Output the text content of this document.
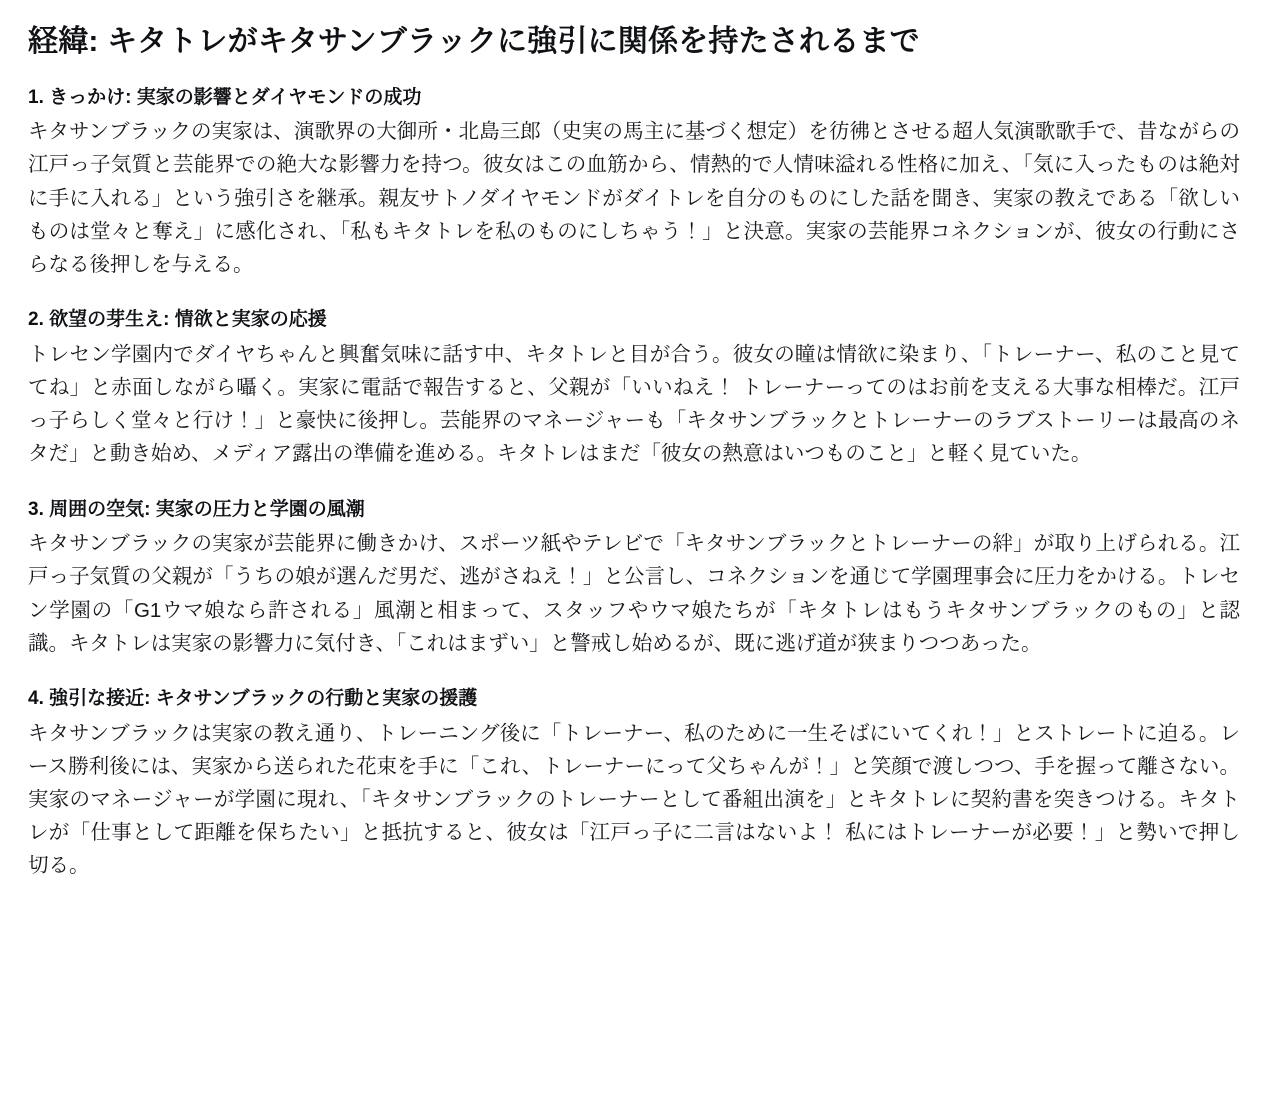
経緯: キタトレがキタサンブラックに強引に関係を持たされるまで
1. きっかけ: 実家の影響とダイヤモンドの成功

キタサンブラックの実家は、演歌界の大御所・北島三郎（史実の馬主に基づく想定）を彷彿とさせる超人気演歌歌手で、昔ながらの江戸っ子気質と芸能界での絶大な影響力を持つ。彼女はこの血筋から、情熱的で人情味溢れる性格に加え、「気に入ったものは絶対に手に入れる」という強引さを継承。親友サトノダイヤモンドがダイトレを自分のものにした話を聞き、実家の教えである「欲しいものは堂々と奪え」に感化され、「私もキタトレを私のものにしちゃう！」と決意。実家の芸能界コネクションが、彼女の行動にさらなる後押しを与える。

2. 欲望の芽生え: 情欲と実家の応援

トレセン学園内でダイヤちゃんと興奮気味に話す中、キタトレと目が合う。彼女の瞳は情欲に染まり、「トレーナー、私のこと見ててね」と赤面しながら囁く。実家に電話で報告すると、父親が「いいねえ！ トレーナーってのはお前を支える大事な相棒だ。江戸っ子らしく堂々と行け！」と豪快に後押し。芸能界のマネージャーも「キタサンブラックとトレーナーのラブストーリーは最高のネタだ」と動き始め、メディア露出の準備を進める。キタトレはまだ「彼女の熱意はいつものこと」と軽く見ていた。

3. 周囲の空気: 実家の圧力と学園の風潮

キタサンブラックの実家が芸能界に働きかけ、スポーツ紙やテレビで「キタサンブラックとトレーナーの絆」が取り上げられる。江戸っ子気質の父親が「うちの娘が選んだ男だ、逃がさねえ！」と公言し、コネクションを通じて学園理事会に圧力をかける。トレセン学園の「G1ウマ娘なら許される」風潮と相まって、スタッフやウマ娘たちが「キタトレはもうキタサンブラックのもの」と認識。キタトレは実家の影響力に気付き、「これはまずい」と警戒し始めるが、既に逃げ道が狭まりつつあった。

4. 強引な接近: キタサンブラックの行動と実家の援護

キタサンブラックは実家の教え通り、トレーニング後に「トレーナー、私のために一生そばにいてくれ！」とストレートに迫る。レース勝利後には、実家から送られた花束を手に「これ、トレーナーにって父ちゃんが！」と笑顔で渡しつつ、手を握って離さない。実家のマネージャーが学園に現れ、「キタサンブラックのトレーナーとして番組出演を」とキタトレに契約書を突きつける。キタトレが「仕事として距離を保ちたい」と抵抗すると、彼女は「江戸っ子に二言はないよ！ 私にはトレーナーが必要！」と勢いで押し切る。
